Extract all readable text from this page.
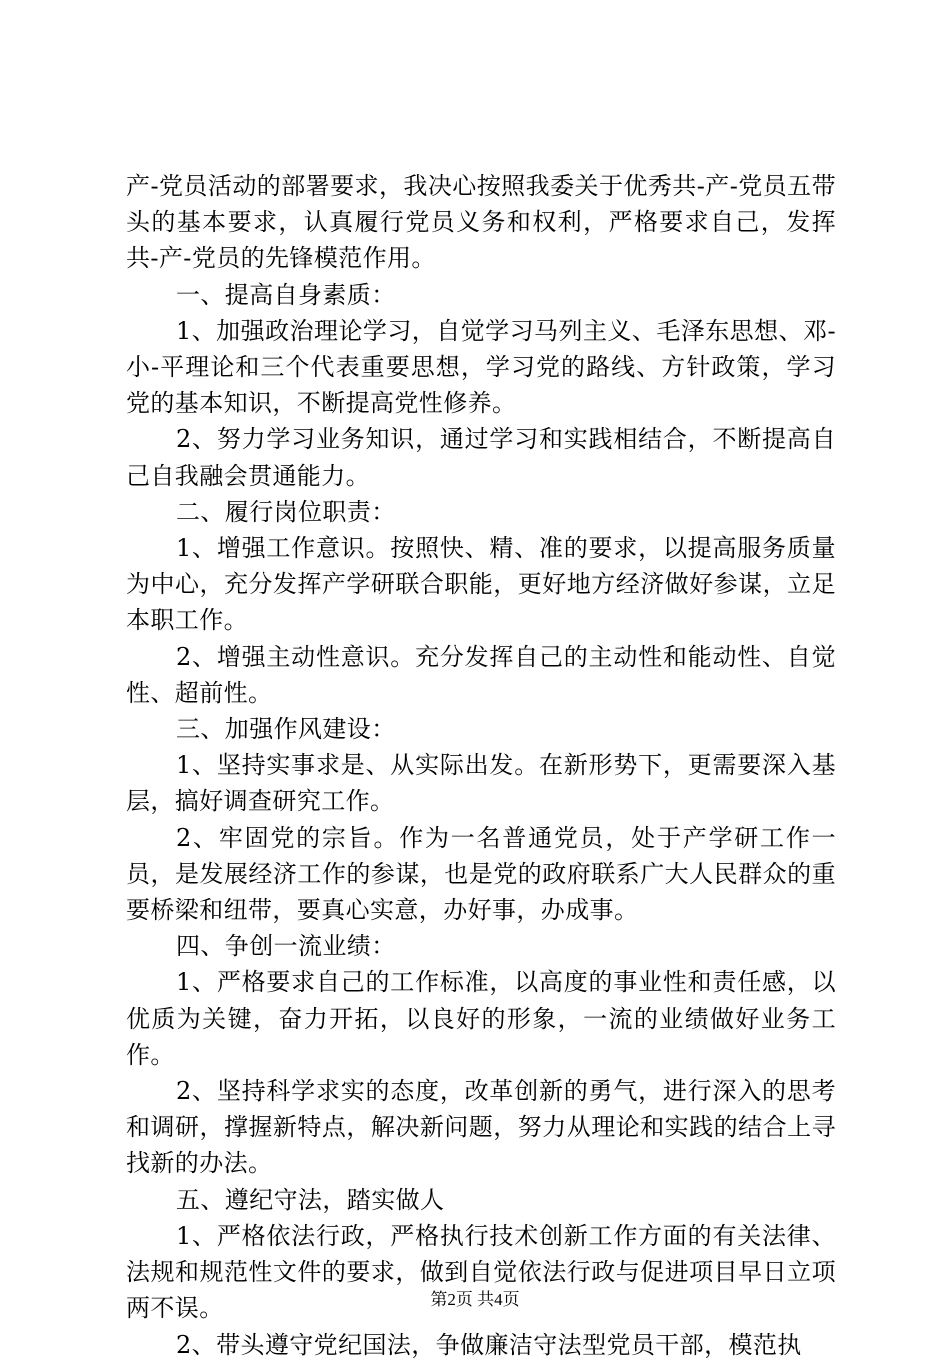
产-党员活动的部署要求，我决心按照我委关于优秀共-产-党员五带头的基本要求，认真履行党员义务和权利，严格要求自己，发挥共-产-党员的先锋模范作用。

一、提高自身素质：

1、加强政治理论学习，自觉学习马列主义、毛泽东思想、邓-小-平理论和三个代表重要思想，学习党的路线、方针政策，学习党的基本知识，不断提高党性修养。

2、努力学习业务知识，通过学习和实践相结合，不断提高自己自我融会贯通能力。

二、履行岗位职责：

1、增强工作意识。按照快、精、准的要求，以提高服务质量为中心，充分发挥产学研联合职能，更好地方经济做好参谋，立足本职工作。

2、增强主动性意识。充分发挥自己的主动性和能动性、自觉性、超前性。

三、加强作风建设：

1、坚持实事求是、从实际出发。在新形势下，更需要深入基层，搞好调查研究工作。

2、牢固党的宗旨。作为一名普通党员，处于产学研工作一员，是发展经济工作的参谋，也是党的政府联系广大人民群众的重要桥梁和纽带，要真心实意，办好事，办成事。

四、争创一流业绩：

1、严格要求自己的工作标准，以高度的事业性和责任感，以优质为关键，奋力开拓，以良好的形象，一流的业绩做好业务工作。

2、坚持科学求实的态度，改革创新的勇气，进行深入的思考和调研，撑握新特点，解决新问题，努力从理论和实践的结合上寻找新的办法。

五、遵纪守法，踏实做人

1、严格依法行政，严格执行技术创新工作方面的有关法律、法规和规范性文件的要求，做到自觉依法行政与促进项目早日立项两不误。

2、带头遵守党纪国法，争做廉洁守法型党员干部，模范执

第2页 共4页
